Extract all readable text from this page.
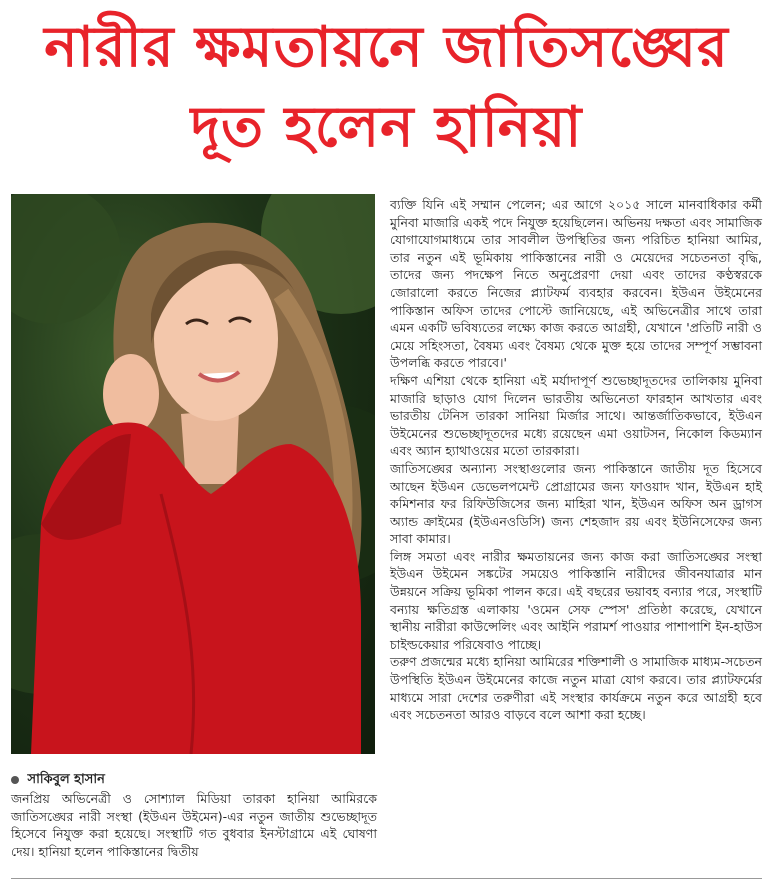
নারীর ক্ষমতায়নে জাতিসঙ্ঘের
দূত হলেন হানিয়া
সাকিবুল হাসান

জনপ্রিয় অভিনেত্রী ও সোশ্যাল মিডিয়া তারকা হানিয়া আমিরকে জাতিসঙ্ঘের নারী সংস্থা (ইউএন উইমেন)-এর নতুন জাতীয় শুভেচ্ছাদূত হিসেবে নিযুক্ত করা হয়েছে। সংস্থাটি গত বুধবার ইনস্টাগ্রামে এই ঘোষণা দেয়। হানিয়া হলেন পাকিস্তানের দ্বিতীয়

ব্যক্তি যিনি এই সম্মান পেলেন; এর আগে ২০১৫ সালে মানবাধিকার কর্মী মুনিবা মাজারি একই পদে নিযুক্ত হয়েছিলেন। অভিনয় দক্ষতা এবং সামাজিক যোগাযোগমাধ্যমে তার সাবলীল উপস্থিতির জন্য পরিচিত হানিয়া আমির, তার নতুন এই ভূমিকায় পাকিস্তানের নারী ও মেয়েদের সচেতনতা বৃদ্ধি, তাদের জন্য পদক্ষেপ নিতে অনুপ্রেরণা দেয়া এবং তাদের কণ্ঠস্বরকে জোরালো করতে নিজের প্ল্যাটফর্ম ব্যবহার করবেন। ইউএন উইমেনের পাকিস্তান অফিস তাদের পোস্টে জানিয়েছে, এই অভিনেত্রীর সাথে তারা এমন একটি ভবিষ্যতের লক্ষ্যে কাজ করতে আগ্রহী, যেখানে 'প্রতিটি নারী ও মেয়ে সহিংসতা, বৈষম্য এবং বৈষম্য থেকে মুক্ত হয়ে তাদের সম্পূর্ণ সম্ভাবনা উপলব্ধি করতে পারবে।'

দক্ষিণ এশিয়া থেকে হানিয়া এই মর্যাদাপূর্ণ শুভেচ্ছাদূতদের তালিকায় মুনিবা মাজারি ছাড়াও যোগ দিলেন ভারতীয় অভিনেতা ফারহান আখতার এবং ভারতীয় টেনিস তারকা সানিয়া মির্জার সাথে। আন্তর্জাতিকভাবে, ইউএন উইমেনের শুভেচ্ছাদূতদের মধ্যে রয়েছেন এমা ওয়াটসন, নিকোল কিডম্যান এবং অ্যান হ্যাথাওয়ের মতো তারকারা।

জাতিসঙ্ঘের অন্যান্য সংস্থাগুলোর জন্য পাকিস্তানে জাতীয় দূত হিসেবে আছেন ইউএন ডেভেলপমেন্ট প্রোগ্রামের জন্য ফাওয়াদ খান, ইউএন হাই কমিশনার ফর রিফিউজিসের জন্য মাহিরা খান, ইউএন অফিস অন ড্রাগস অ্যান্ড ক্রাইমের (ইউএনওডিসি) জন্য শেহজাদ রয় এবং ইউনিসেফের জন্য সাবা কামার।

লিঙ্গ সমতা এবং নারীর ক্ষমতায়নের জন্য কাজ করা জাতিসঙ্ঘের সংস্থা ইউএন উইমেন সঙ্কটের সময়েও পাকিস্তানি নারীদের জীবনযাত্রার মান উন্নয়নে সক্রিয় ভূমিকা পালন করে। এই বছরের ভয়াবহ বন্যার পরে, সংস্থাটি বন্যায় ক্ষতিগ্রস্ত এলাকায় 'ওমেন সেফ স্পেস' প্রতিষ্ঠা করেছে, যেখানে স্থানীয় নারীরা কাউন্সেলিং এবং আইনি পরামর্শ পাওয়ার পাশাপাশি ইন-হাউস চাইল্ডকেয়ার পরিষেবাও পাচ্ছে।

তরুণ প্রজন্মের মধ্যে হানিয়া আমিরের শক্তিশালী ও সামাজিক মাধ্যম-সচেতন উপস্থিতি ইউএন উইমেনের কাজে নতুন মাত্রা যোগ করবে। তার প্ল্যাটফর্মের মাধ্যমে সারা দেশের তরুণীরা এই সংস্থার কার্যক্রমে নতুন করে আগ্রহী হবে এবং সচেতনতা আরও বাড়বে বলে আশা করা হচ্ছে।
